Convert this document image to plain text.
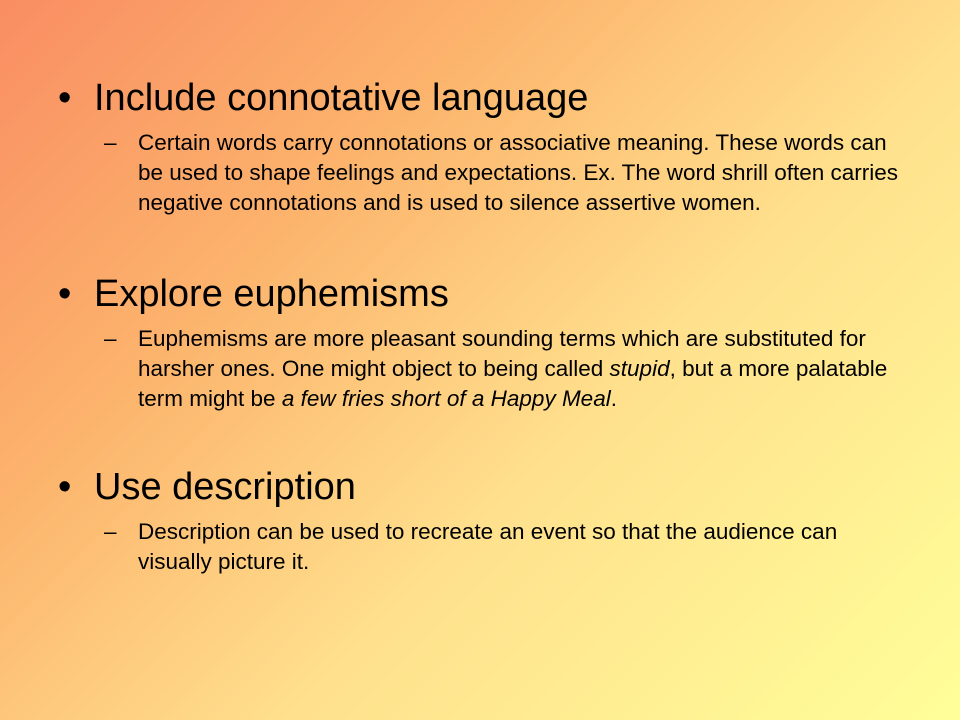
• Include connotative language
– Certain words carry connotations or associative meaning. These words can be used to shape feelings and expectations. Ex. The word shrill often carries negative connotations and is used to silence assertive women.
• Explore euphemisms
– Euphemisms are more pleasant sounding terms which are substituted for harsher ones. One might object to being called stupid, but a more palatable term might be a few fries short of a Happy Meal.
• Use description
– Description can be used to recreate an event so that the audience can visually picture it.
